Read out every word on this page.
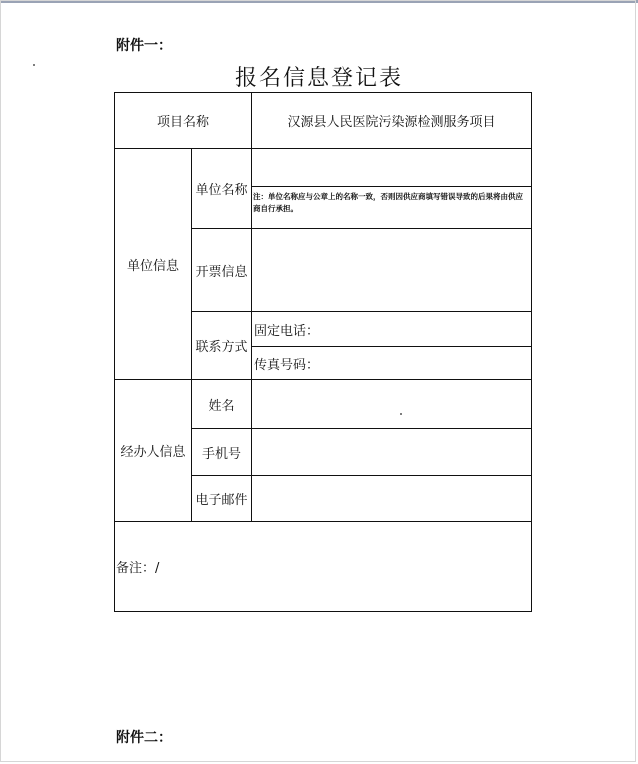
附件一：
报名信息登记表
项目名称	汉源县人民医院污染源检测服务项目
单位信息
单位名称 注：单位名称应与公章上的名称一致，否则因供应商填写错误导致的后果将由供应商自行承担。
开票信息
联系方式
固定电话：
传真号码：
经办人信息
姓名
手机号
电子邮件
备注：/
附件二：
